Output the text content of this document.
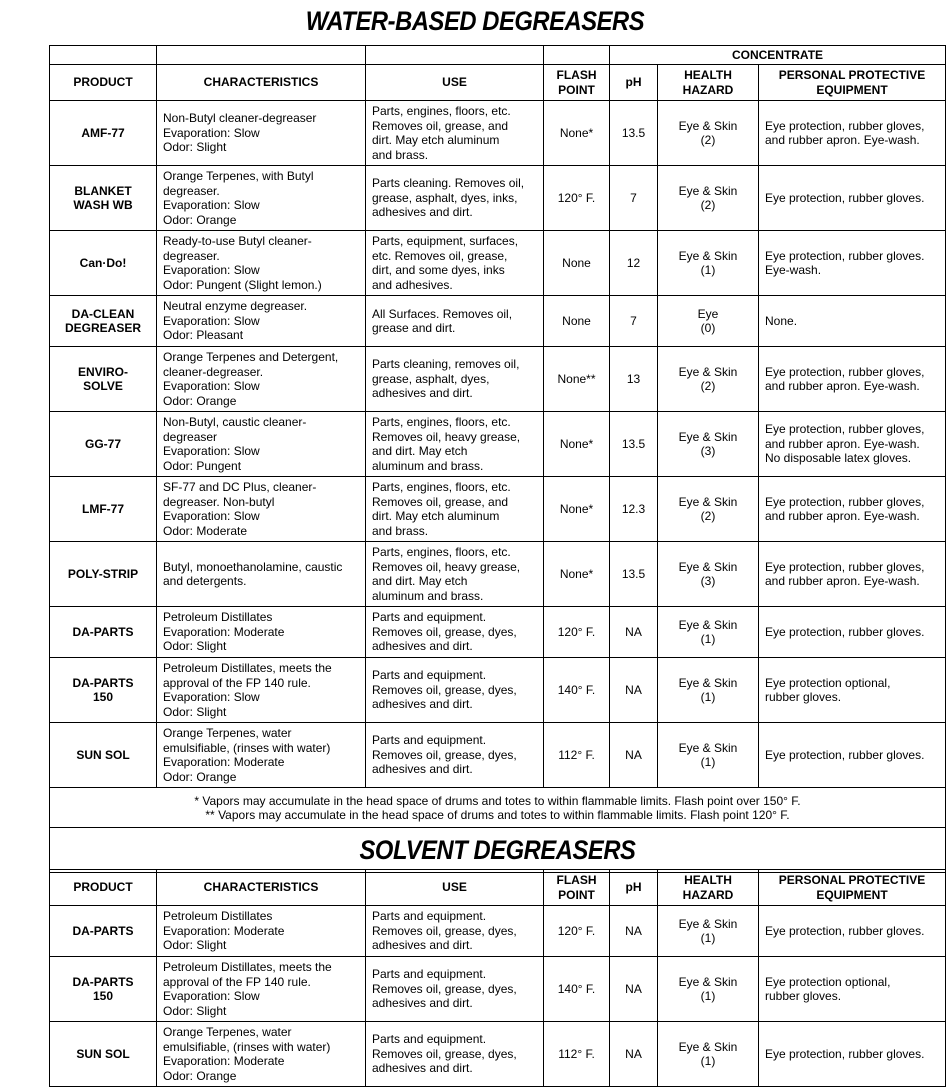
WATER-BASED DEGREASERS
				CONCENTRATE		
PRODUCT	CHARACTERISTICS	USE	FLASH
POINT	pH	HEALTH
HAZARD	PERSONAL PROTECTIVE
EQUIPMENT

AMF-77	Non-Butyl cleaner-degreaser
Evaporation: Slow
Odor: Slight	Parts, engines, floors, etc.
Removes oil, grease, and
dirt. May etch aluminum
and brass.	None*	13.5	Eye & Skin
(2)	Eye protection, rubber gloves,
and rubber apron. Eye-wash.

BLANKET
WASH WB	Orange Terpenes, with Butyl
degreaser.
Evaporation: Slow
Odor: Orange	Parts cleaning. Removes oil,
grease, asphalt, dyes, inks,
adhesives and dirt.	120° F.	7	Eye & Skin
(2)	Eye protection, rubber gloves.

Can·Do!	Ready-to-use Butyl cleaner-
degreaser.
Evaporation: Slow
Odor: Pungent (Slight lemon.)	Parts, equipment, surfaces,
etc. Removes oil, grease,
dirt, and some dyes, inks
and adhesives.	None	12	Eye & Skin
(1)	Eye protection, rubber gloves.
Eye-wash.

DA-CLEAN
DEGREASER	Neutral enzyme degreaser.
Evaporation: Slow
Odor: Pleasant	All Surfaces. Removes oil,
grease and dirt.	None	7	Eye
(0)	None.

ENVIRO-
SOLVE	Orange Terpenes and Detergent,
cleaner-degreaser.
Evaporation: Slow
Odor: Orange	Parts cleaning, removes oil,
grease, asphalt, dyes,
adhesives and dirt.	None**	13	Eye & Skin
(2)	Eye protection, rubber gloves,
and rubber apron. Eye-wash.

GG-77	Non-Butyl, caustic cleaner-
degreaser
Evaporation: Slow
Odor: Pungent	Parts, engines, floors, etc.
Removes oil, heavy grease,
and dirt. May etch
aluminum and brass.	None*	13.5	Eye & Skin
(3)	Eye protection, rubber gloves,
and rubber apron. Eye-wash.
No disposable latex gloves.

LMF-77	SF-77 and DC Plus, cleaner-
degreaser. Non-butyl
Evaporation: Slow
Odor: Moderate	Parts, engines, floors, etc.
Removes oil, grease, and
dirt. May etch aluminum
and brass.	None*	12.3	Eye & Skin
(2)	Eye protection, rubber gloves,
and rubber apron. Eye-wash.

POLY-STRIP	Butyl, monoethanolamine, caustic
and detergents.	Parts, engines, floors, etc.
Removes oil, heavy grease,
and dirt. May etch
aluminum and brass.	None*	13.5	Eye & Skin
(3)	Eye protection, rubber gloves,
and rubber apron. Eye-wash.

DA-PARTS	Petroleum Distillates
Evaporation: Moderate
Odor: Slight	Parts and equipment.
Removes oil, grease, dyes,
adhesives and dirt.	120° F.	NA	Eye & Skin
(1)	Eye protection, rubber gloves.

DA-PARTS
150	Petroleum Distillates, meets the
approval of the FP 140 rule.
Evaporation: Slow
Odor: Slight	Parts and equipment.
Removes oil, grease, dyes,
adhesives and dirt.	140° F.	NA	Eye & Skin
(1)	Eye protection optional,
rubber gloves.

SUN SOL	Orange Terpenes, water
emulsifiable, (rinses with water)
Evaporation: Moderate
Odor: Orange	Parts and equipment.
Removes oil, grease, dyes,
adhesives and dirt.	112° F.	NA	Eye & Skin
(1)	Eye protection, rubber gloves.

* Vapors may accumulate in the head space of drums and totes to within flammable limits. Flash point over 150° F.
** Vapors may accumulate in the head space of drums and totes to within flammable limits. Flash point 120° F.						

SOLVENT DEGREASERS						
PRODUCT	CHARACTERISTICS	USE	FLASH
POINT	pH	HEALTH
HAZARD	PERSONAL PROTECTIVE
EQUIPMENT

DA-PARTS	Petroleum Distillates
Evaporation: Moderate
Odor: Slight	Parts and equipment.
Removes oil, grease, dyes,
adhesives and dirt.	120° F.	NA	Eye & Skin
(1)	Eye protection, rubber gloves.

DA-PARTS
150	Petroleum Distillates, meets the
approval of the FP 140 rule.
Evaporation: Slow
Odor: Slight	Parts and equipment.
Removes oil, grease, dyes,
adhesives and dirt.	140° F.	NA	Eye & Skin
(1)	Eye protection optional,
rubber gloves.

SUN SOL	Orange Terpenes, water
emulsifiable, (rinses with water)
Evaporation: Moderate
Odor: Orange	Parts and equipment.
Removes oil, grease, dyes,
adhesives and dirt.	112° F.	NA	Eye & Skin
(1)	Eye protection, rubber gloves.
